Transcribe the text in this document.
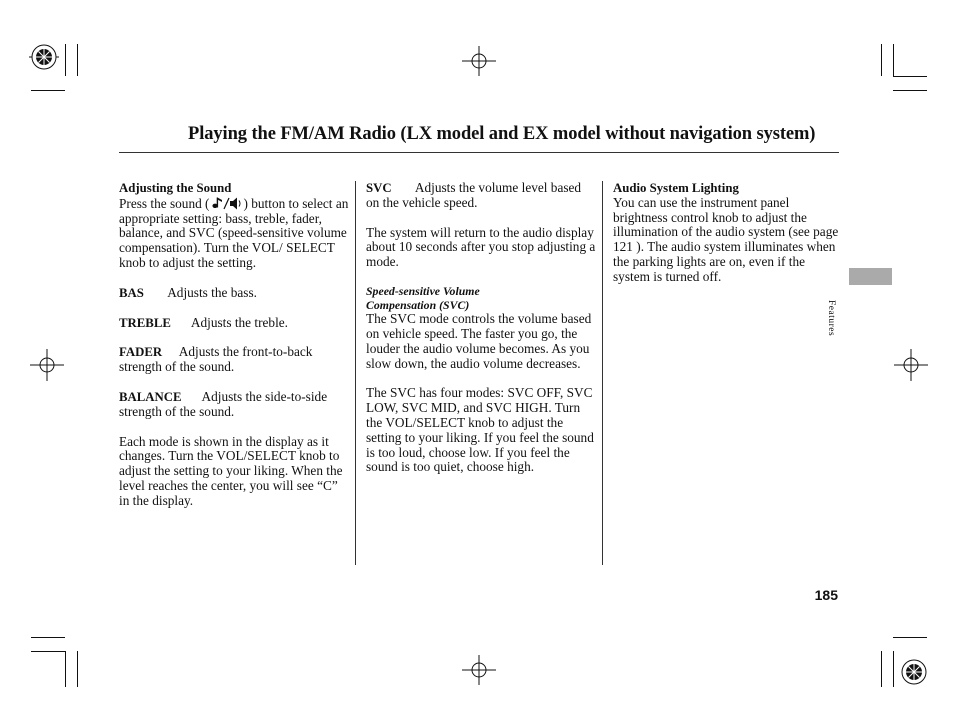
Playing the FM/AM Radio (LX model and EX model without navigation system)
Adjusting the Sound

Press the sound (	) button to select an appropriate setting: bass, treble, fader, balance, and SVC (speed-sensitive volume compensation). Turn the VOL/ SELECT knob to adjust the setting.

BAS Adjusts the bass.

TREBLE Adjusts the treble.

FADER Adjusts the front-to-back strength of the sound.

BALANCE Adjusts the side-to-side strength of the sound.

Each mode is shown in the display as it changes. Turn the VOL/SELECT knob to adjust the setting to your liking. When the level reaches the center, you will see “C” in the display.

SVC Adjusts the volume level based on the vehicle speed.

The system will return to the audio display about 10 seconds after you stop adjusting a mode.

Speed-sensitive Volume
Compensation (SVC)

The SVC mode controls the volume based on vehicle speed. The faster you go, the louder the audio volume becomes. As you slow down, the audio volume decreases.

The SVC has four modes: SVC OFF, SVC LOW, SVC MID, and SVC HIGH. Turn the VOL/SELECT knob to adjust the setting to your liking. If you feel the sound is too loud, choose low. If you feel the sound is too quiet, choose high.

Audio System Lighting

You can use the instrument panel brightness control knob to adjust the illumination of the audio system (see page 121 ). The audio system illuminates when the parking lights are on, even if the system is turned off.

Features
185
